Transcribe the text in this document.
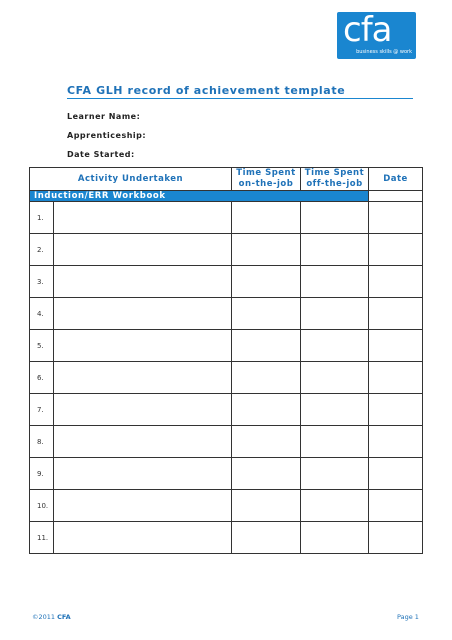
cfa
business skills @ work
CFA GLH record of achievement template
Learner Name:
Apprenticeship:
Date Started:
Activity Undertaken		Time Spent on-the-job	Time Spent off-the-job	Date
Induction/ERR Workbook				
1.				
2.				
3.				
4.				
5.				
6.				
7.				
8.				
9.				
10.				
11.				
©2011 CFA	Page 1
